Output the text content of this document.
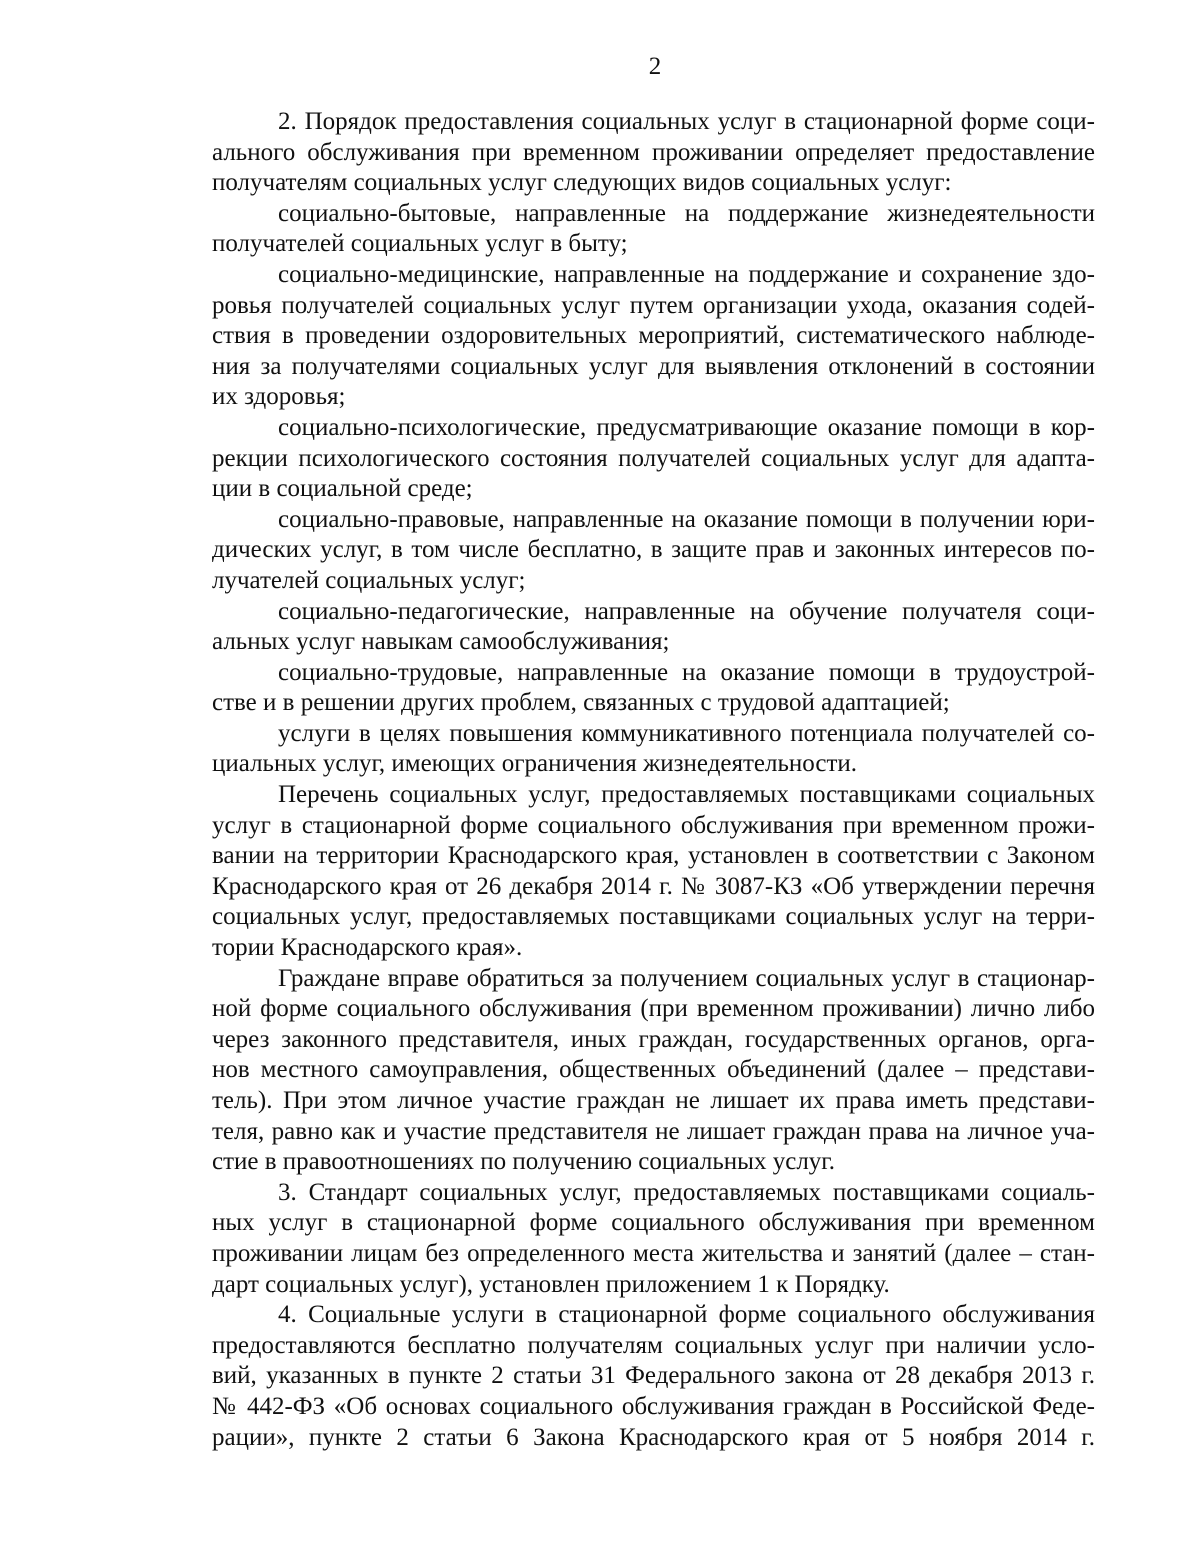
2
2. Порядок предоставления социальных услуг в стационарной форме соци-
ального обслуживания при временном проживании определяет предоставление
получателям социальных услуг следующих видов социальных услуг:
социально-бытовые, направленные на поддержание жизнедеятельности
получателей социальных услуг в быту;
социально-медицинские, направленные на поддержание и сохранение здо-
ровья получателей социальных услуг путем организации ухода, оказания содей-
ствия в проведении оздоровительных мероприятий, систематического наблюде-
ния за получателями социальных услуг для выявления отклонений в состоянии
их здоровья;
социально-психологические, предусматривающие оказание помощи в кор-
рекции психологического состояния получателей социальных услуг для адапта-
ции в социальной среде;
социально-правовые, направленные на оказание помощи в получении юри-
дических услуг, в том числе бесплатно, в защите прав и законных интересов по-
лучателей социальных услуг;
социально-педагогические, направленные на обучение получателя соци-
альных услуг навыкам самообслуживания;
социально-трудовые, направленные на оказание помощи в трудоустрой-
стве и в решении других проблем, связанных с трудовой адаптацией;
услуги в целях повышения коммуникативного потенциала получателей со-
циальных услуг, имеющих ограничения жизнедеятельности.
Перечень социальных услуг, предоставляемых поставщиками социальных
услуг в стационарной форме социального обслуживания при временном прожи-
вании на территории Краснодарского края, установлен в соответствии с Законом
Краснодарского края от 26 декабря 2014 г. № 3087-КЗ «Об утверждении перечня
социальных услуг, предоставляемых поставщиками социальных услуг на терри-
тории Краснодарского края».
Граждане вправе обратиться за получением социальных услуг в стационар-
ной форме социального обслуживания (при временном проживании) лично либо
через законного представителя, иных граждан, государственных органов, орга-
нов местного самоуправления, общественных объединений (далее – представи-
тель). При этом личное участие граждан не лишает их права иметь представи-
теля, равно как и участие представителя не лишает граждан права на личное уча-
стие в правоотношениях по получению социальных услуг.
3. Стандарт социальных услуг, предоставляемых поставщиками социаль-
ных услуг в стационарной форме социального обслуживания при временном
проживании лицам без определенного места жительства и занятий (далее – стан-
дарт социальных услуг), установлен приложением 1 к Порядку.
4. Социальные услуги в стационарной форме социального обслуживания
предоставляются бесплатно получателям социальных услуг при наличии усло-
вий, указанных в пункте 2 статьи 31 Федерального закона от 28 декабря 2013 г.
№ 442-ФЗ «Об основах социального обслуживания граждан в Российской Феде-
рации», пункте 2 статьи 6 Закона Краснодарского края от 5 ноября 2014 г.
